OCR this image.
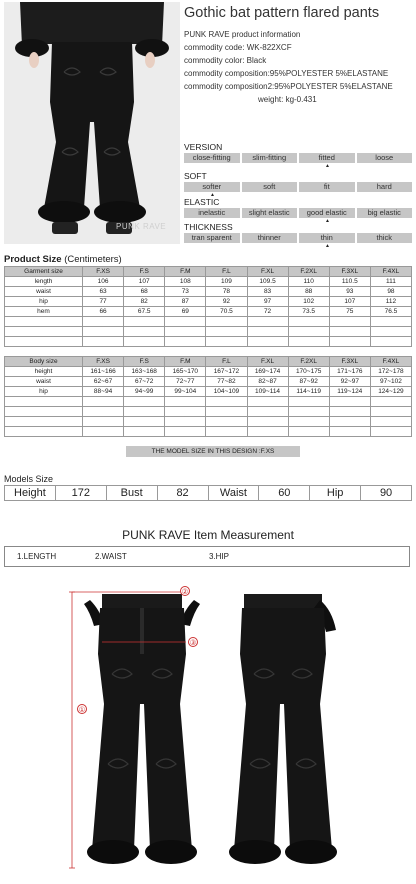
PUNK RAVE
Gothic bat pattern flared pants
PUNK RAVE product information
commodity code: WK-822XCF
commodity color: Black
commodity composition:95%POLYESTER 5%ELASTANE
commodity composition2:95%POLYESTER 5%ELASTANE
weight: kg-0.431
VERSION
close-fitting	slim-fitting	fitted	loose
▲
SOFT
softer	soft	fit	hard
▲
ELASTIC
inelastic	slight elastic	good elastic	big elastic
▲
THICKNESS
tran sparent	thinner	thin	thick
▲
Product Size (Centimeters)
Garment size	F.XS	F.S	F.M	F.L	F.XL	F.2XL	F.3XL	F.4XL
length	106	107	108	109	109.5	110	110.5	111
waist	63	68	73	78	83	88	93	98
hip	77	82	87	92	97	102	107	112
hem	66	67.5	69	70.5	72	73.5	75	76.5

Body size	F.XS	F.S	F.M	F.L	F.XL	F.2XL	F.3XL	F.4XL
height	161~166	163~168	165~170	167~172	169~174	170~175	171~176	172~178
waist	62~67	67~72	72~77	77~82	82~87	87~92	92~97	97~102
hip	88~94	94~99	99~104	104~109	109~114	114~119	119~124	124~129

THE MODEL SIZE IN THIS DESIGN :F.XS
Models Size
Height	172	Bust	82	Waist	60	Hip	90
PUNK RAVE Item Measurement
1.LENGTH	2.WAIST	3.HIP
①
②
③
